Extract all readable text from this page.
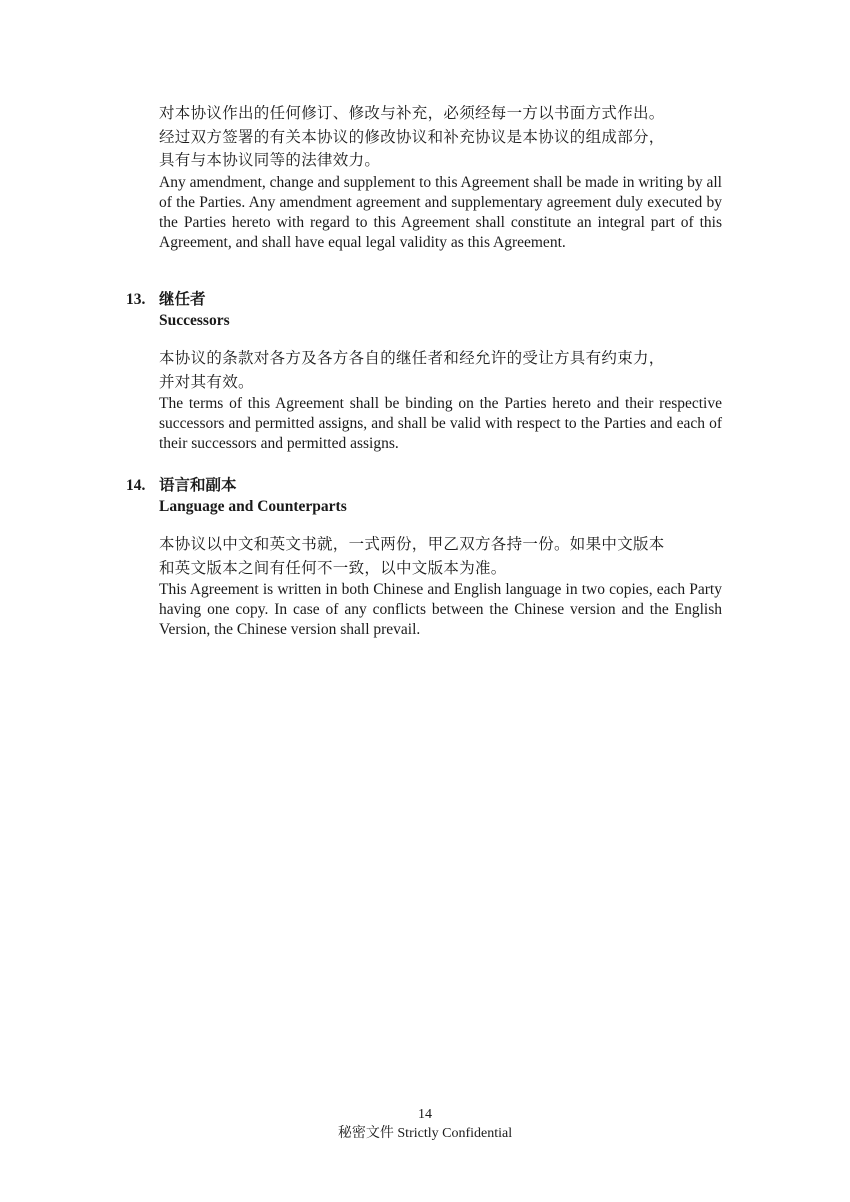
对本协议作出的任何修订、修改与补充，必须经每一方以书面方式作出。

经过双方签署的有关本协议的修改协议和补充协议是本协议的组成部分，

具有与本协议同等的法律效力。

Any amendment, change and supplement to this Agreement shall be made in writing by all of the Parties. Any amendment agreement and supplementary agreement duly executed by the Parties hereto with regard to this Agreement shall constitute an integral part of this Agreement, and shall have equal legal validity as this Agreement.

13. 继任者

Successors

本协议的条款对各方及各方各自的继任者和经允许的受让方具有约束力，

并对其有效。

The terms of this Agreement shall be binding on the Parties hereto and their respective successors and permitted assigns, and shall be valid with respect to the Parties and each of their successors and permitted assigns.

14. 语言和副本

Language and Counterparts

本协议以中文和英文书就，一式两份，甲乙双方各持一份。如果中文版本

和英文版本之间有任何不一致，以中文版本为准。

This Agreement is written in both Chinese and English language in two copies, each Party having one copy. In case of any conflicts between the Chinese version and the English Version, the Chinese version shall prevail.

14
秘密文件 Strictly Confidential
